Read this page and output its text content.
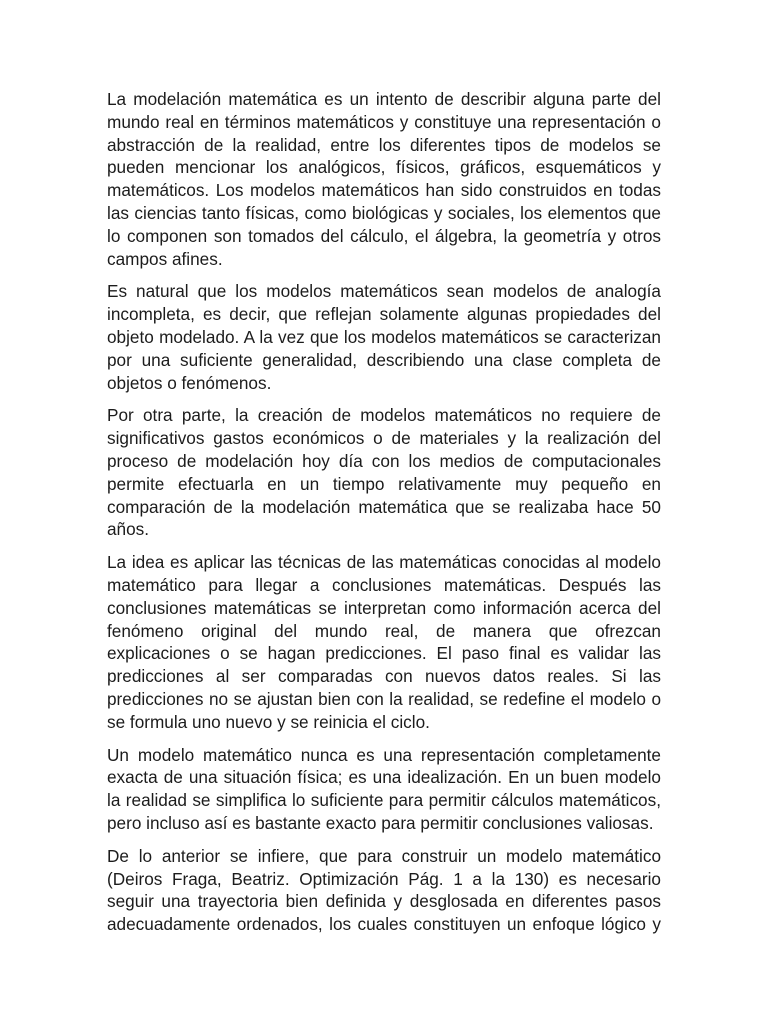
La modelación matemática es un intento de describir alguna parte del mundo real en términos matemáticos y constituye una representación o abstracción de la realidad, entre los diferentes tipos de modelos se pueden mencionar los analógicos, físicos, gráficos, esquemáticos y matemáticos. Los modelos matemáticos han sido construidos en todas las ciencias tanto físicas, como biológicas y sociales, los elementos que lo componen son tomados del cálculo, el álgebra, la geometría y otros campos afines.

Es natural que los modelos matemáticos sean modelos de analogía incompleta, es decir, que reflejan solamente algunas propiedades del objeto modelado. A la vez que los modelos matemáticos se caracterizan por una suficiente generalidad, describiendo una clase completa de objetos o fenómenos.

Por otra parte, la creación de modelos matemáticos no requiere de significativos gastos económicos o de materiales y la realización del proceso de modelación hoy día con los medios de computacionales permite efectuarla en un tiempo relativamente muy pequeño en comparación de la modelación matemática que se realizaba hace 50 años.

La idea es aplicar las técnicas de las matemáticas conocidas al modelo matemático para llegar a conclusiones matemáticas. Después las conclusiones matemáticas se interpretan como información acerca del fenómeno original del mundo real, de manera que ofrezcan explicaciones o se hagan predicciones. El paso final es validar las predicciones al ser comparadas con nuevos datos reales. Si las predicciones no se ajustan bien con la realidad, se redefine el modelo o se formula uno nuevo y se reinicia el ciclo.

Un modelo matemático nunca es una representación completamente exacta de una situación física; es una idealización. En un buen modelo la realidad se simplifica lo suficiente para permitir cálculos matemáticos, pero incluso así es bastante exacto para permitir conclusiones valiosas.

De lo anterior se infiere, que para construir un modelo matemático (Deiros Fraga, Beatriz. Optimización Pág. 1 a la 130) es necesario seguir una trayectoria bien definida y desglosada en diferentes pasos adecuadamente ordenados, los cuales constituyen un enfoque lógico y
